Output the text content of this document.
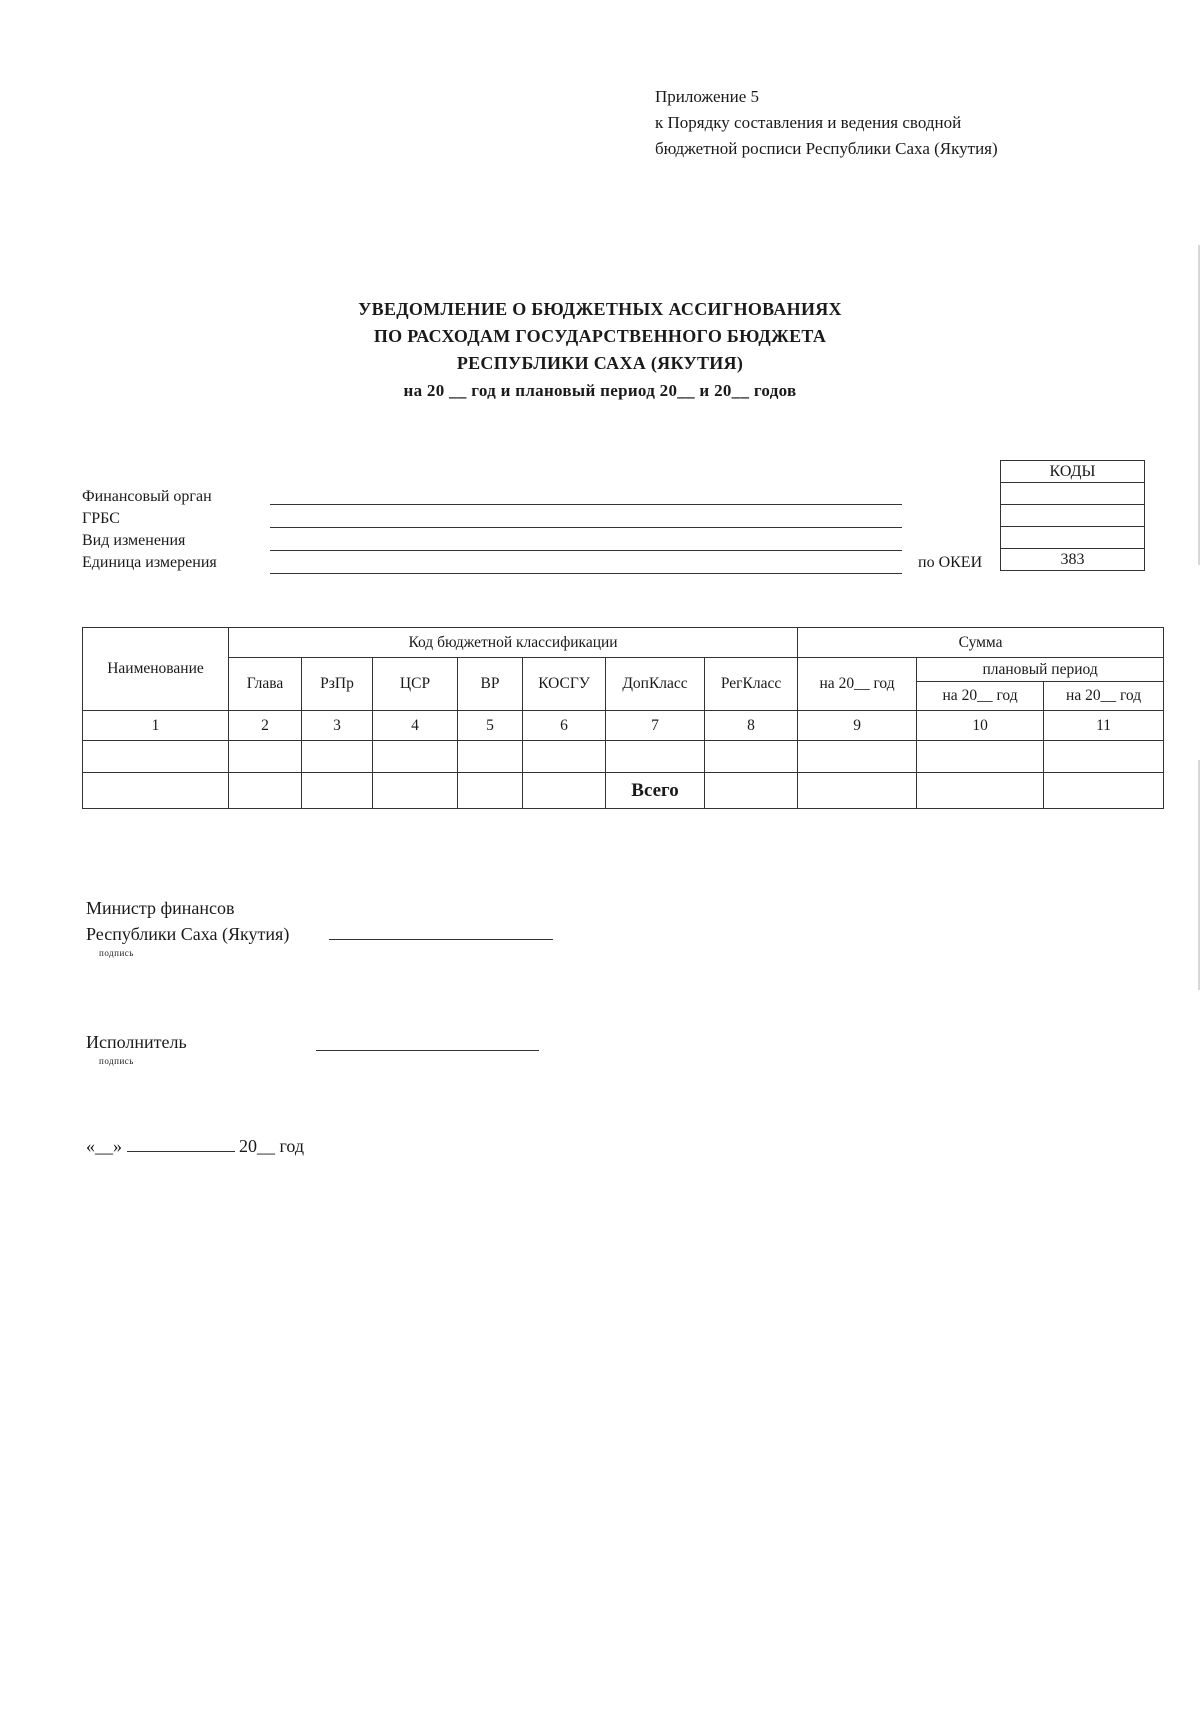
Приложение 5
к Порядку составления и ведения сводной
бюджетной росписи Республики Саха (Якутия)
УВЕДОМЛЕНИЕ О БЮДЖЕТНЫХ АССИГНОВАНИЯХ
ПО РАСХОДАМ ГОСУДАРСТВЕННОГО БЮДЖЕТА
РЕСПУБЛИКИ САХА (ЯКУТИЯ)
на 20 __ год и плановый период 20__ и 20__ годов
Финансовый орган
ГРБС
Вид изменения
Единица измерения	по ОКЕИ
КОДЫ

383
Наименование	Код бюджетной классификации							Сумма		
	Глава	РзПр	ЦСР	ВР	КОСГУ	ДопКласс	РегКласс	на 20__ год	плановый период	
									на 20__ год	на 20__ год
1	2	3	4	5	6	7	8	9	10	11

						Всего				
Министр финансов
Республики Саха (Якутия)
подпись
Исполнитель
подпись
«__»	20__ год
